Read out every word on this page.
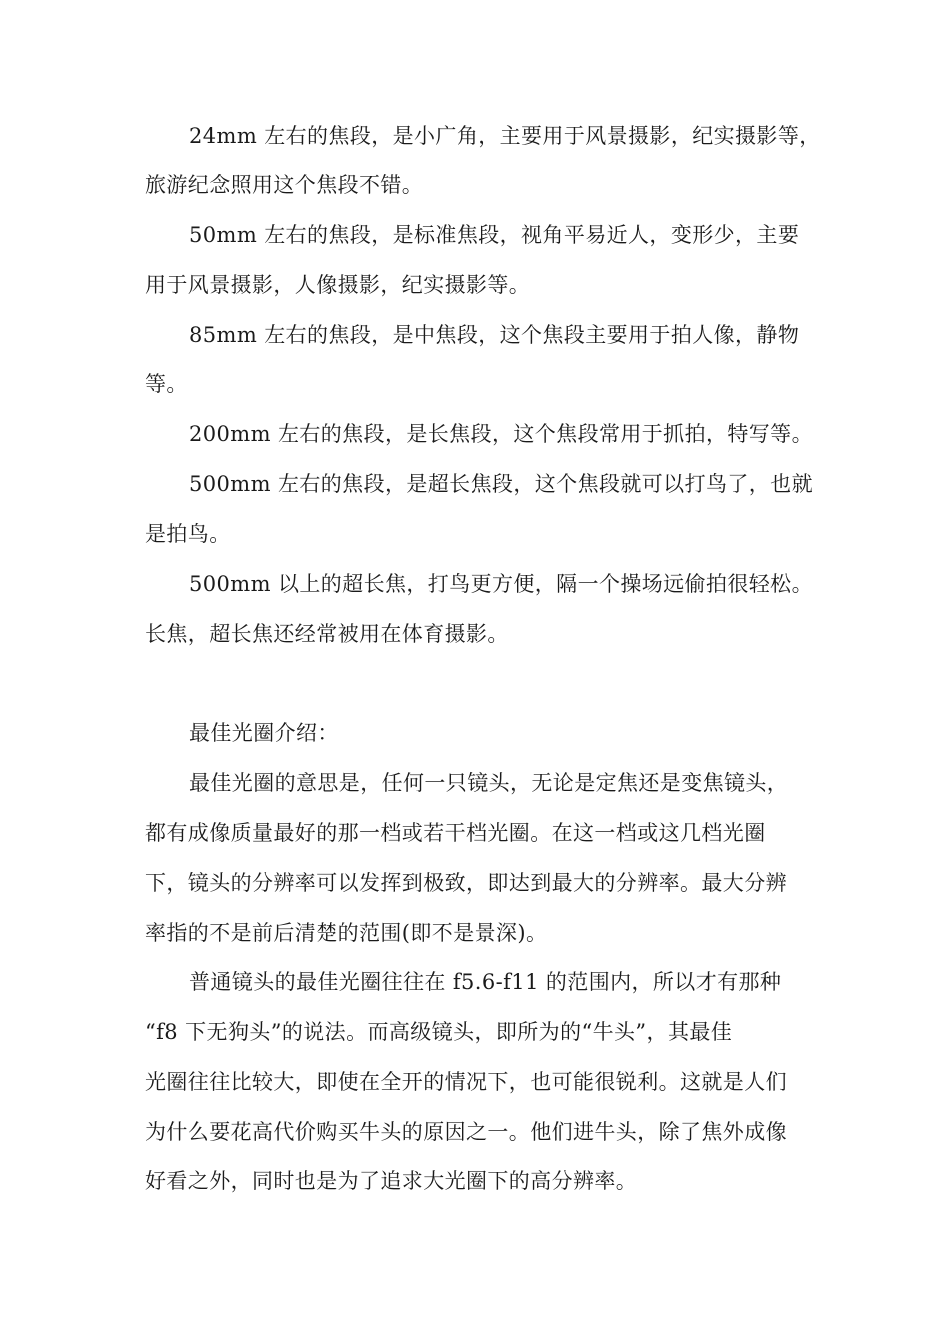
24mm 左右的焦段，是小广角，主要用于风景摄影，纪实摄影等，
旅游纪念照用这个焦段不错。
50mm 左右的焦段，是标准焦段，视角平易近人，变形少，主要
用于风景摄影，人像摄影，纪实摄影等。
85mm 左右的焦段，是中焦段，这个焦段主要用于拍人像，静物
等。
200mm 左右的焦段，是长焦段，这个焦段常用于抓拍，特写等。
500mm 左右的焦段，是超长焦段，这个焦段就可以打鸟了，也就
是拍鸟。
500mm 以上的超长焦，打鸟更方便，隔一个操场远偷拍很轻松。
长焦，超长焦还经常被用在体育摄影。
最佳光圈介绍：
最佳光圈的意思是，任何一只镜头，无论是定焦还是变焦镜头，
都有成像质量最好的那一档或若干档光圈。在这一档或这几档光圈
下，镜头的分辨率可以发挥到极致，即达到最大的分辨率。最大分辨
率指的不是前后清楚的范围(即不是景深)。
普通镜头的最佳光圈往往在 f5.6-f11 的范围内，所以才有那种
“f8 下无狗头”的说法。而高级镜头，即所为的“牛头”，其最佳
光圈往往比较大，即使在全开的情况下，也可能很锐利。这就是人们
为什么要花高代价购买牛头的原因之一。他们进牛头，除了焦外成像
好看之外，同时也是为了追求大光圈下的高分辨率。
